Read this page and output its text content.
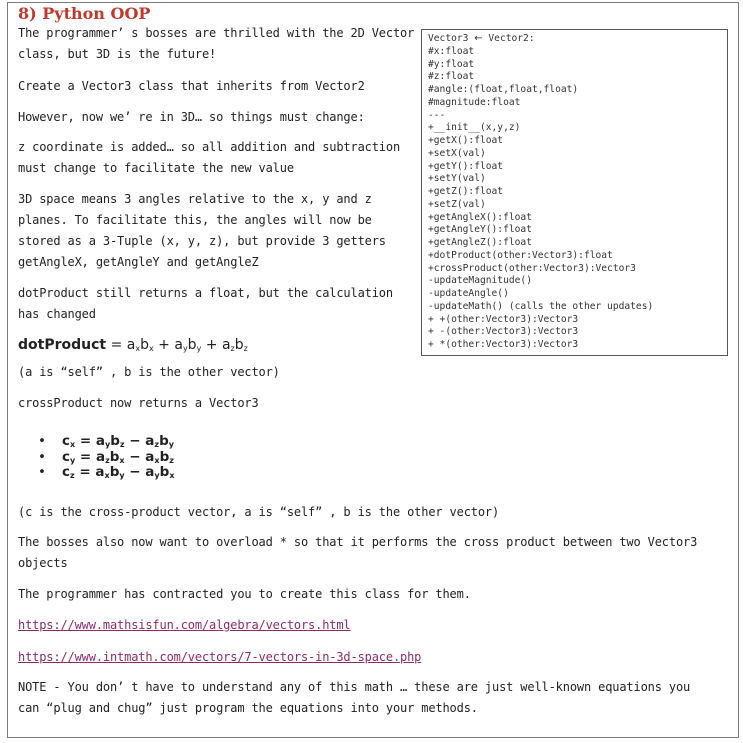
8) Python OOP

The programmer’ s bosses are thrilled with the 2D Vector

class, but 3D is the future!

Create a Vector3 class that inherits from Vector2

However, now we’ re in 3D… so things must change:

z coordinate is added… so all addition and subtraction

must change to facilitate the new value

3D space means 3 angles relative to the x, y and z

planes. To facilitate this, the angles will now be

stored as a 3-Tuple (x, y, z), but provide 3 getters

getAngleX, getAngleY and getAngleZ

dotProduct still returns a float, but the calculation

has changed

dotProduct = $a_xb_x + a_yb_y + a_zb_z$

(a is “self” , b is the other vector)

crossProduct now returns a Vector3

• $c_x = a_yb_z - a_zb_y$
• $c_y = a_zb_x - a_xb_z$
• $c_z = a_xb_y - a_yb_x$

(c is the cross-product vector, a is “self” , b is the other vector)

The bosses also now want to overload * so that it performs the cross product between two Vector3

objects

The programmer has contracted you to create this class for them.

https://www.mathsisfun.com/algebra/vectors.html

https://www.intmath.com/vectors/7-vectors-in-3d-space.php

NOTE - You don’ t have to understand any of this math … these are just well-known equations you

can “plug and chug” just program the equations into your methods.

Vector3 ← Vector2:
#x:float
#y:float
#z:float
#angle:(float,float,float)
#magnitude:float
---
+__init__(x,y,z)
+getX():float
+setX(val)
+getY():float
+setY(val)
+getZ():float
+setZ(val)
+getAngleX():float
+getAngleY():float
+getAngleZ():float
+dotProduct(other:Vector3):float
+crossProduct(other:Vector3):Vector3
-updateMagnitude()
-updateAngle()
-updateMath() (calls the other updates)
+ +(other:Vector3):Vector3
+ -(other:Vector3):Vector3
+ *(other:Vector3):Vector3
